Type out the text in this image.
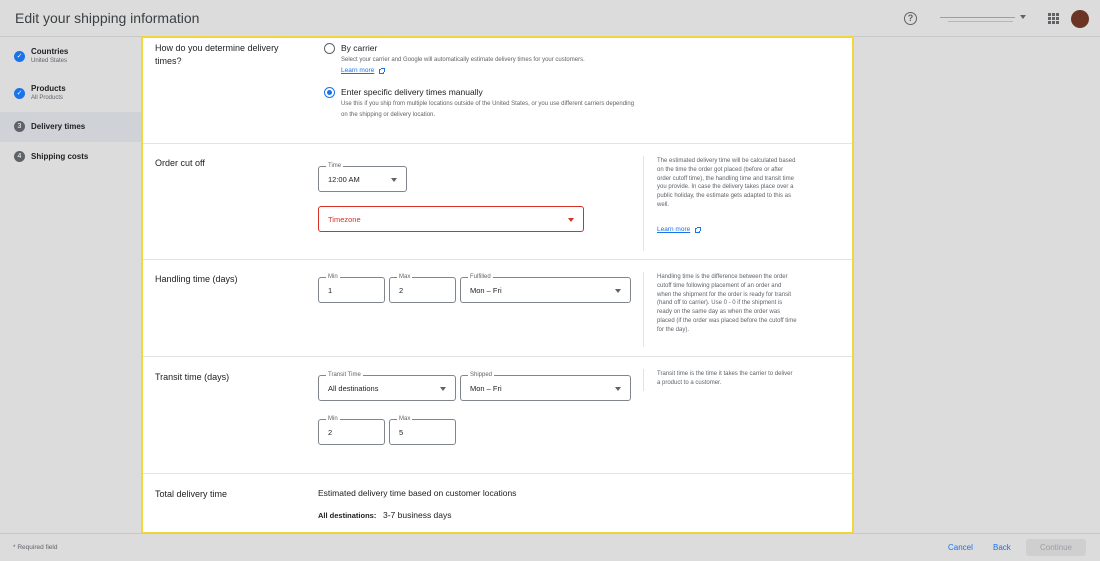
Edit your shipping information	?
✓
Countries
United States
✓
Products
All Products
3	Delivery times
4	Shipping costs
How do you determine delivery times?
By carrier
Select your carrier and Google will automatically estimate delivery times for your customers.
Learn more
Enter specific delivery times manually
Use this if you ship from multiple locations outside of the United States, or you use different carriers depending on the shipping or delivery location.
Order cut off	Time
12:00 AM
Timezone
The estimated delivery time will be calculated based on the time the order got placed (before or after order cutoff time), the handling time and transit time you provide. In case the delivery takes place over a public holiday, the estimate gets adapted to this as well.
Learn more
Handling time (days)	Min
1
Max
2
Fulfilled
Mon – Fri
Handling time is the difference between the order cutoff time following placement of an order and when the shipment for the order is ready for transit (hand off to carrier). Use 0 - 0 if the shipment is ready on the same day as when the order was placed (if the order was placed before the cutoff time for the day).
Transit time (days)	Transit Time
All destinations
Shipped
Mon – Fri
Min
2
Max
5
Transit time is the time it takes the carrier to deliver a product to a customer.
Total delivery time	Estimated delivery time based on customer locations
All destinations: 3-7 business days
* Required field	Cancel	Back	Continue
